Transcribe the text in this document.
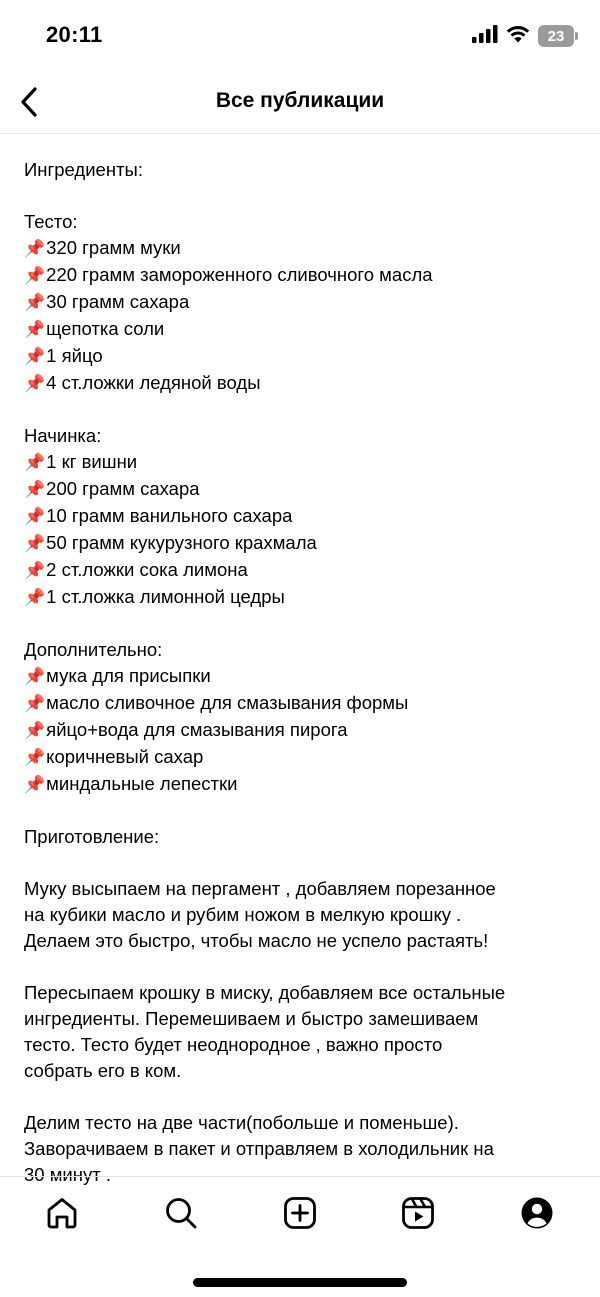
20:11	23
Все публикации
Ингредиенты:
Тесто:
📌320 грамм муки
📌220 грамм замороженного сливочного масла
📌30 грамм сахара
📌щепотка соли
📌1 яйцо
📌4 ст.ложки ледяной воды
Начинка:
📌1 кг вишни
📌200 грамм сахара
📌10 грамм ванильного сахара
📌50 грамм кукурузного крахмала
📌2 ст.ложки сока лимона
📌1 ст.ложка лимонной цедры
Дополнительно:
📌мука для присыпки
📌масло сливочное для смазывания формы
📌яйцо+вода для смазывания пирога
📌коричневый сахар
📌миндальные лепестки
Приготовление:
Муку высыпаем на пергамент , добавляем порезанное
на кубики масло и рубим ножом в мелкую крошку .
Делаем это быстро, чтобы масло не успело растаять!
Пересыпаем крошку в миску, добавляем все остальные
ингредиенты. Перемешиваем и быстро замешиваем
тесто. Тесто будет неоднородное , важно просто
собрать его в ком.
Делим тесто на две части(побольше и поменьше).
Заворачиваем в пакет и отправляем в холодильник на
30 минут .
